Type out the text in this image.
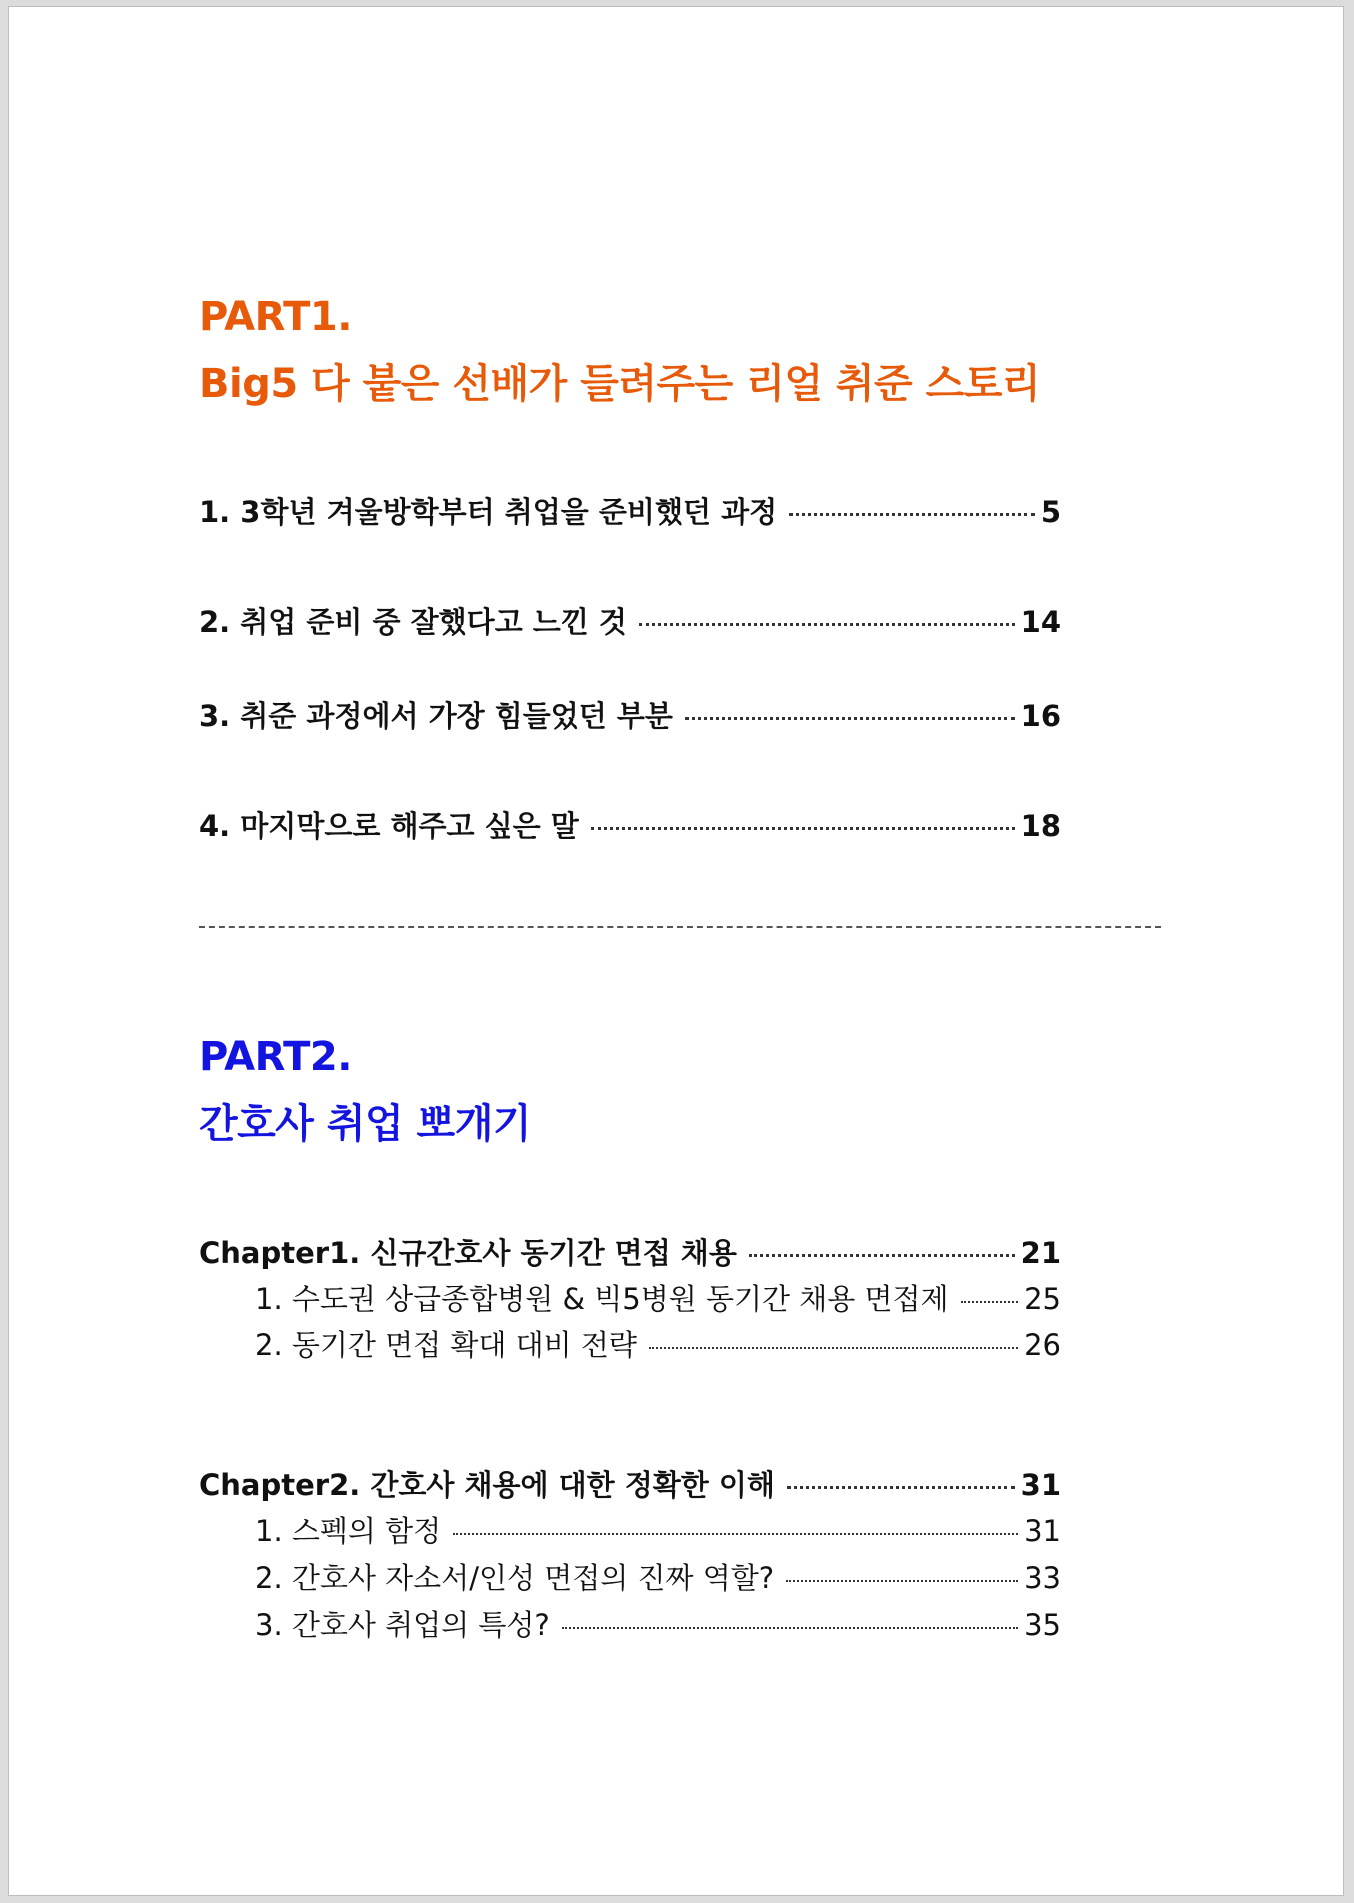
PART1.
Big5 다 붙은 선배가 들려주는 리얼 취준 스토리
1. 3학년 겨울방학부터 취업을 준비했던 과정	5
2. 취업 준비 중 잘했다고 느낀 것	14
3. 취준 과정에서 가장 힘들었던 부분	16
4. 마지막으로 해주고 싶은 말	18
PART2.
간호사 취업 뽀개기
Chapter1. 신규간호사 동기간 면접 채용	21
1. 수도권 상급종합병원 & 빅5병원 동기간 채용 면접제	25
2. 동기간 면접 확대 대비 전략	26
Chapter2. 간호사 채용에 대한 정확한 이해	31
1. 스펙의 함정	31
2. 간호사 자소서/인성 면접의 진짜 역할?	33
3. 간호사 취업의 특성?	35
